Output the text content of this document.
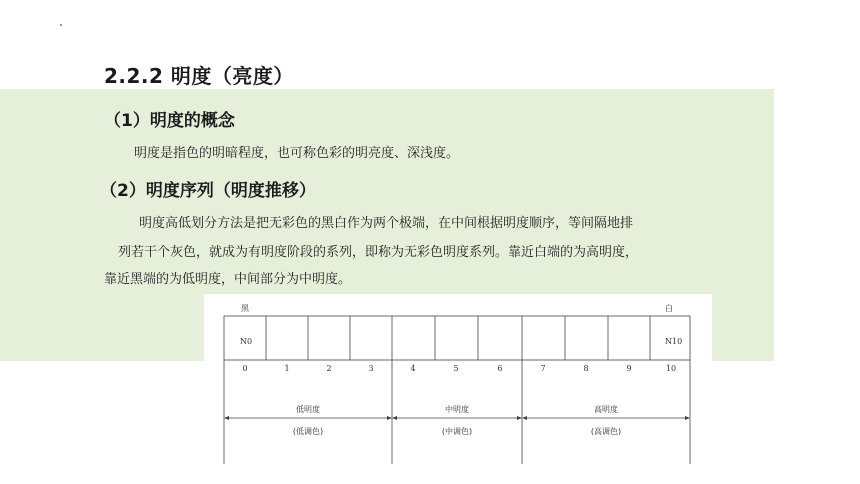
2.2.2 明度（亮度）
（1）明度的概念
明度是指色的明暗程度，也可称色彩的明亮度、深浅度。
（2）明度序列（明度推移）
明度高低划分方法是把无彩色的黑白作为两个极端，在中间根据明度顺序，等间隔地排
列若干个灰色，就成为有明度阶段的系列，即称为无彩色明度系列。靠近白端的为高明度，
靠近黑端的为低明度，中间部分为中明度。
黑	白
N0	N10
0	1	2	3	4	5	6	7	8	9	10
低明度
(低调色)
中明度
(中调色)
高明度
(高调色)
